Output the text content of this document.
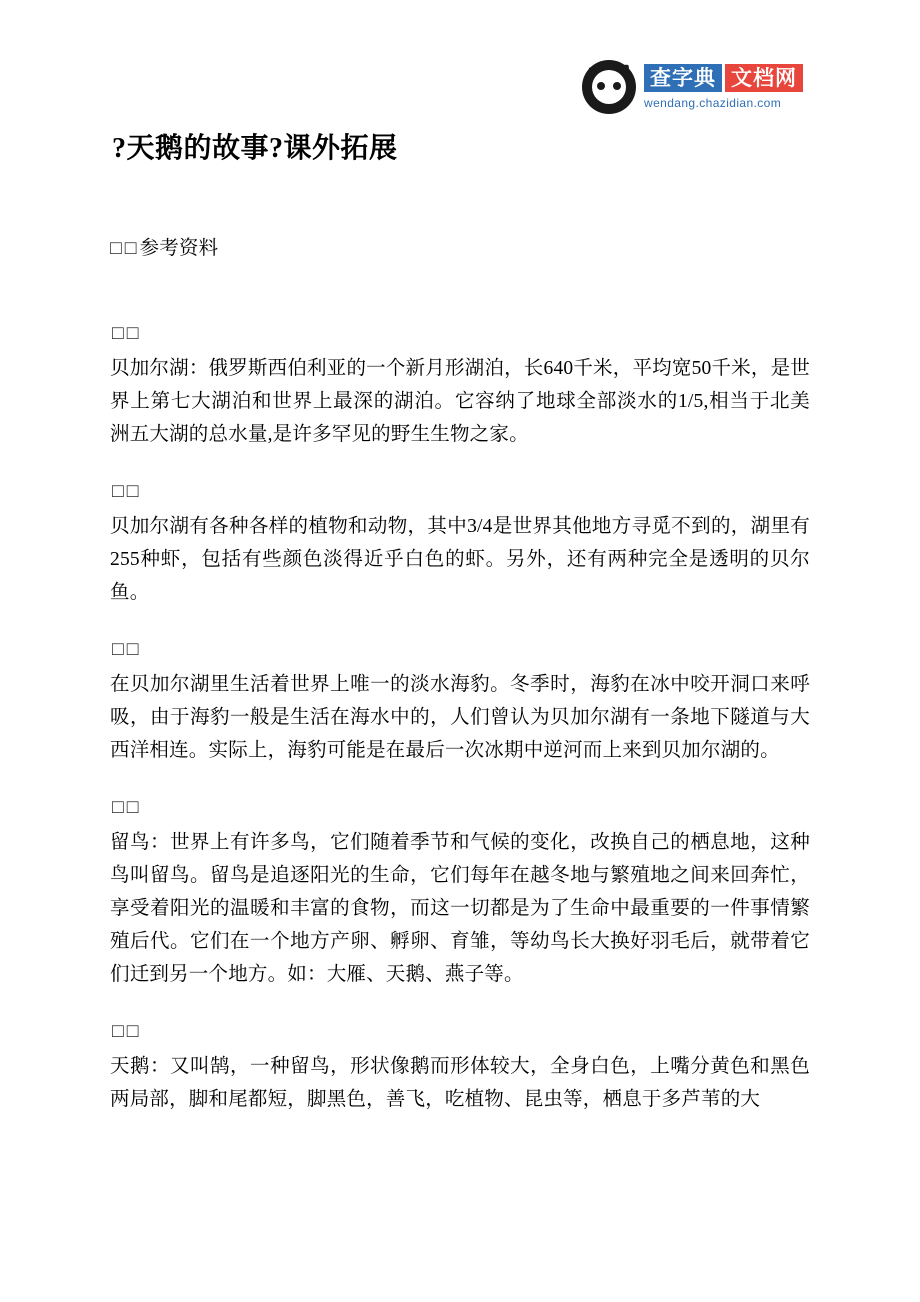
查字典 文档网
wendang.chazidian.com
?天鹅的故事?课外拓展

□□参考资料

□□

贝加尔湖：俄罗斯西伯利亚的一个新月形湖泊，长640千米，平均宽50千米，是世界上第七大湖泊和世界上最深的湖泊。它容纳了地球全部淡水的1/5,相当于北美洲五大湖的总水量,是许多罕见的野生生物之家。

□□

贝加尔湖有各种各样的植物和动物，其中3/4是世界其他地方寻觅不到的，湖里有255种虾，包括有些颜色淡得近乎白色的虾。另外，还有两种完全是透明的贝尔鱼。

□□

在贝加尔湖里生活着世界上唯一的淡水海豹。冬季时，海豹在冰中咬开洞口来呼吸，由于海豹一般是生活在海水中的，人们曾认为贝加尔湖有一条地下隧道与大西洋相连。实际上，海豹可能是在最后一次冰期中逆河而上来到贝加尔湖的。

□□

留鸟：世界上有许多鸟，它们随着季节和气候的变化，改换自己的栖息地，这种鸟叫留鸟。留鸟是追逐阳光的生命，它们每年在越冬地与繁殖地之间来回奔忙，享受着阳光的温暖和丰富的食物，而这一切都是为了生命中最重要的一件事情繁殖后代。它们在一个地方产卵、孵卵、育雏，等幼鸟长大换好羽毛后，就带着它们迁到另一个地方。如：大雁、天鹅、燕子等。

□□

天鹅：又叫鹄，一种留鸟，形状像鹅而形体较大，全身白色，上嘴分黄色和黑色两局部，脚和尾都短，脚黑色，善飞，吃植物、昆虫等，栖息于多芦苇的大
